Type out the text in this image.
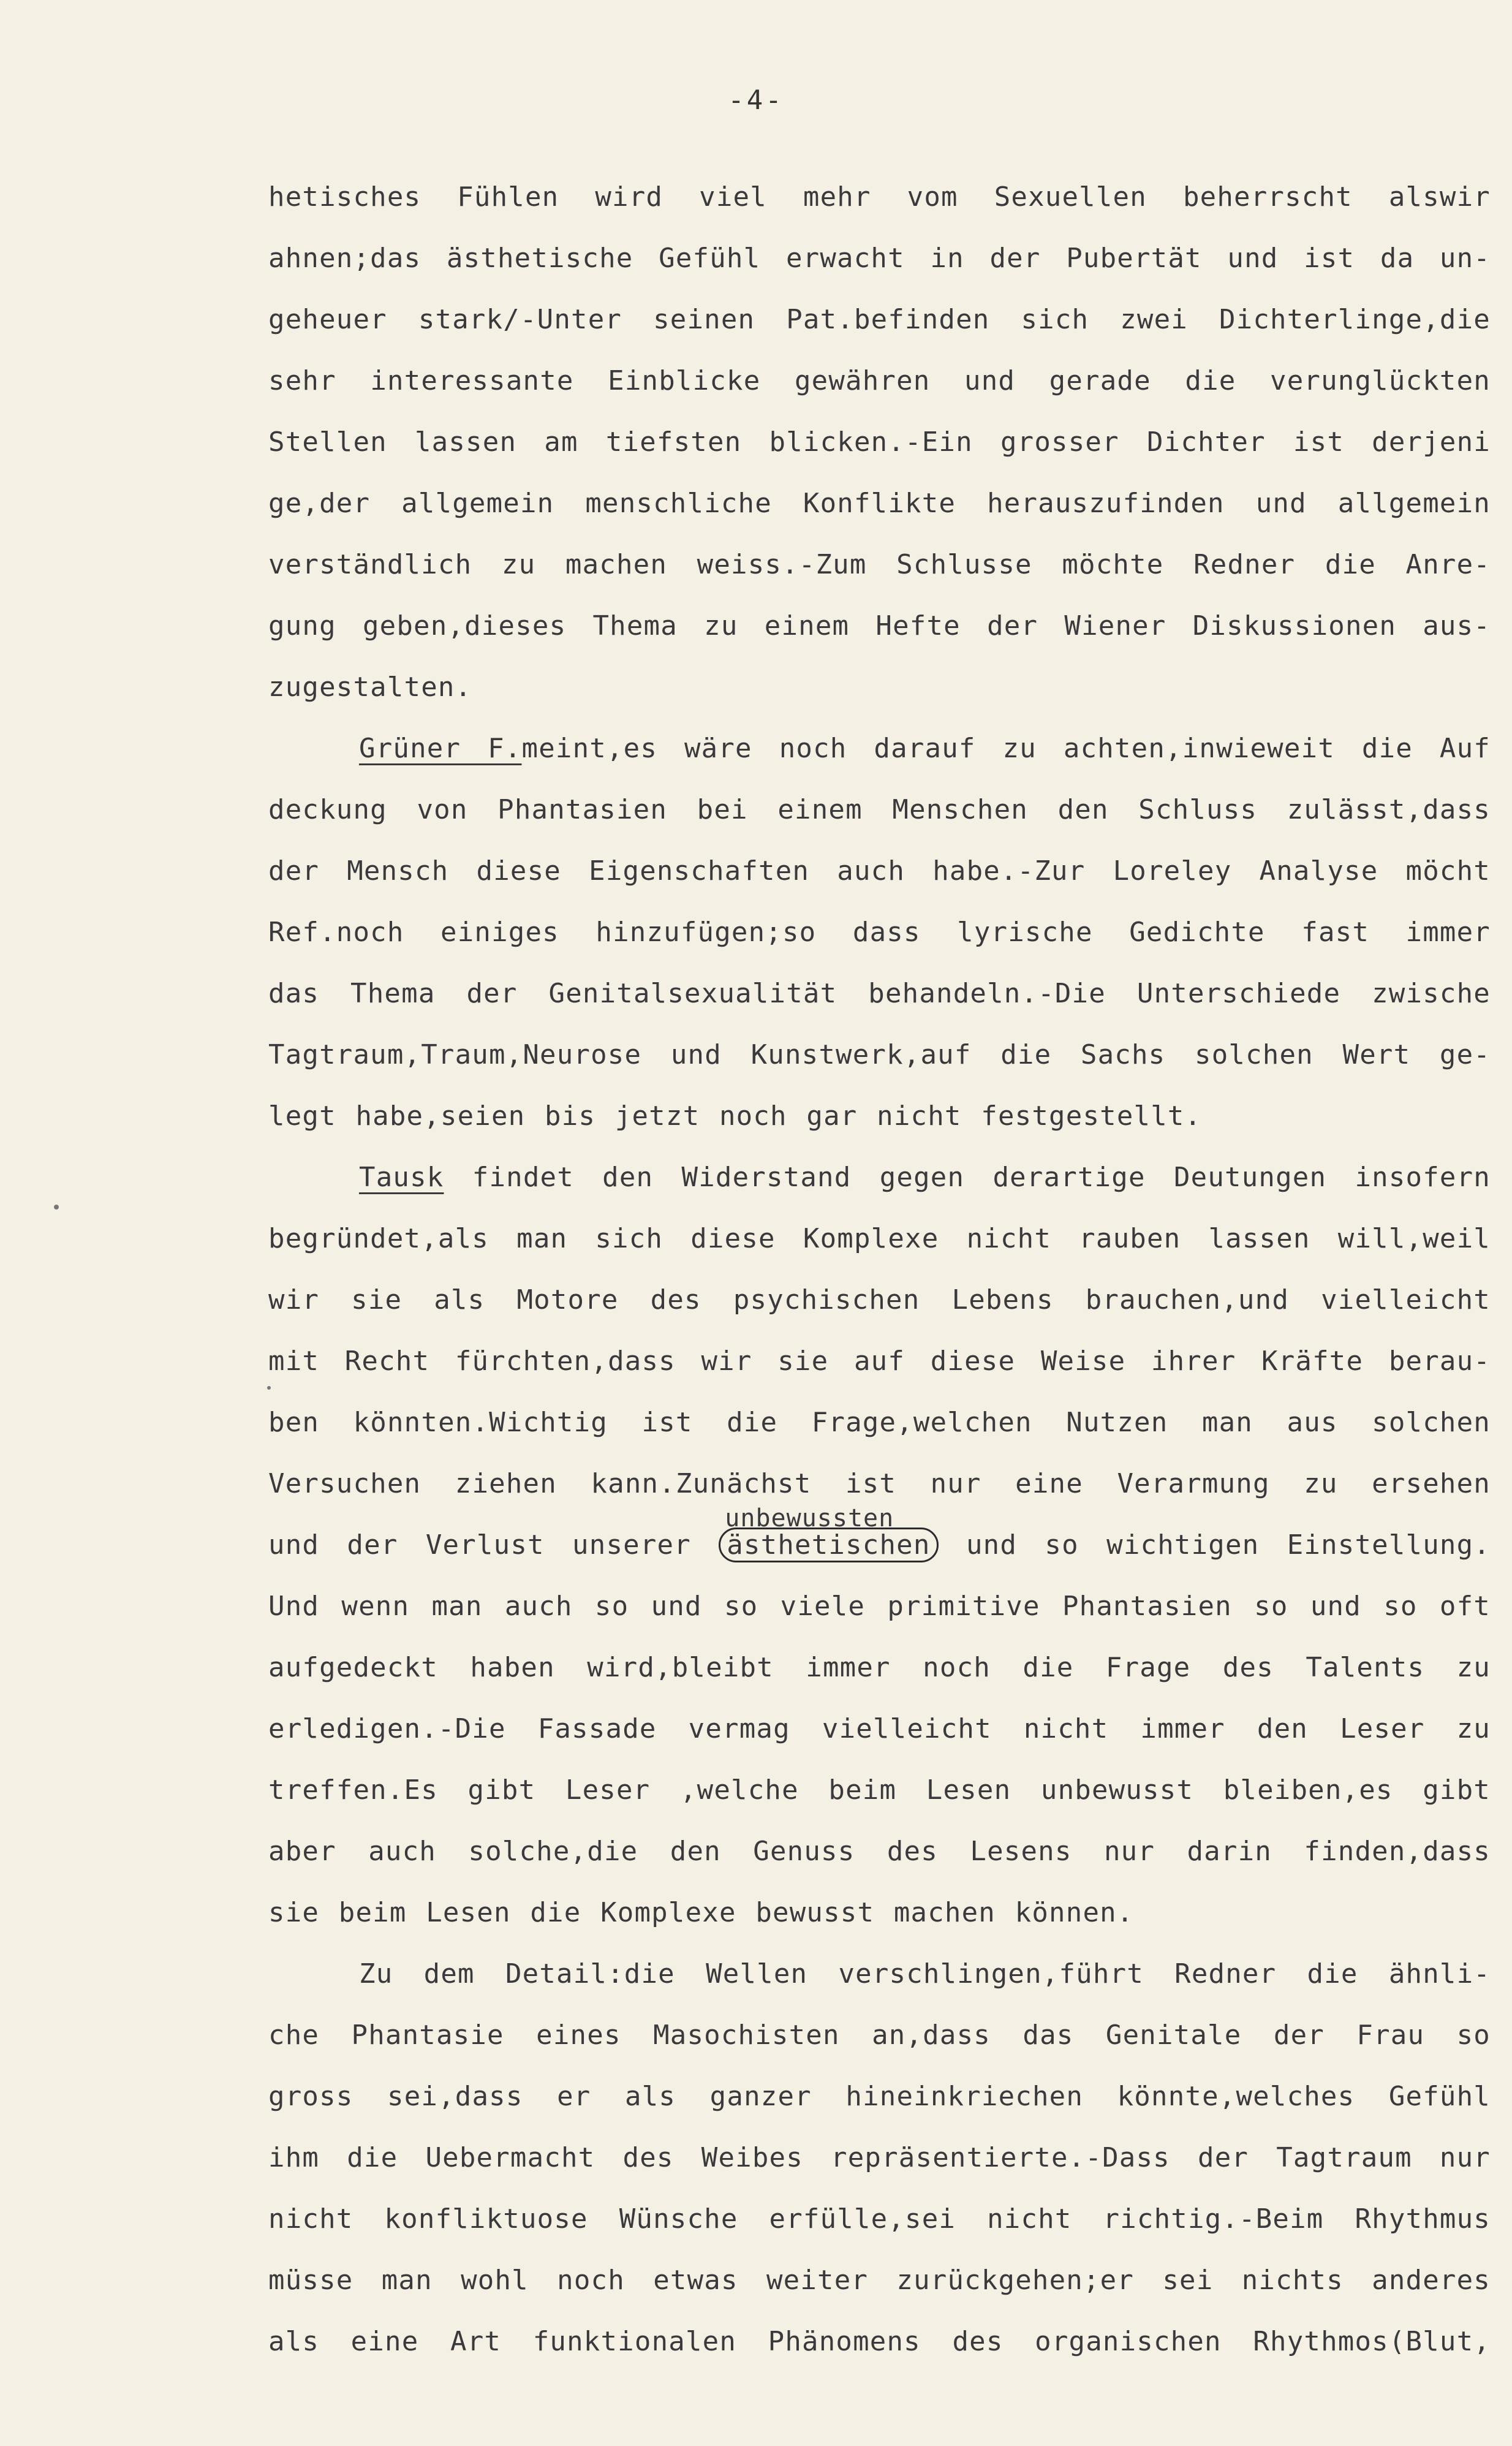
-4-
hetisches Fühlen wird viel mehr vom Sexuellen beherrscht alswir
ahnen;das ästhetische Gefühl erwacht in der Pubertät und ist da un-
geheuer stark/-Unter seinen Pat.befinden sich zwei Dichterlinge,die
sehr interessante Einblicke gewähren und gerade die verunglückten
Stellen lassen am tiefsten blicken.-Ein grosser Dichter ist derjeni
ge,der allgemein menschliche Konflikte herauszufinden und allgemein
verständlich zu machen weiss.-Zum Schlusse möchte Redner die Anre-
gung geben,dieses Thema zu einem Hefte der Wiener Diskussionen aus-
zugestalten.
Grüner F.meint,es wäre noch darauf zu achten,inwieweit die Auf
deckung von Phantasien bei einem Menschen den Schluss zulässt,dass
der Mensch diese Eigenschaften auch habe.-Zur Loreley Analyse möcht
Ref.noch einiges hinzufügen;so dass lyrische Gedichte fast immer
das Thema der Genitalsexualität behandeln.-Die Unterschiede zwische
Tagtraum,Traum,Neurose und Kunstwerk,auf die Sachs solchen Wert ge-
legt habe,seien bis jetzt noch gar nicht festgestellt.
Tausk findet den Widerstand gegen derartige Deutungen insofern
begründet,als man sich diese Komplexe nicht rauben lassen will,weil
wir sie als Motore des psychischen Lebens brauchen,und vielleicht
mit Recht fürchten,dass wir sie auf diese Weise ihrer Kräfte berau-
ben könnten.Wichtig ist die Frage,welchen Nutzen man aus solchen
Versuchen ziehen kann.Zunächst ist nur eine Verarmung zu ersehen
und der Verlust unserer
unbewussten
ästhetischen und so wichtigen Einstellung.
Und wenn man auch so und so viele primitive Phantasien so und so oft
aufgedeckt haben wird,bleibt immer noch die Frage des Talents zu
erledigen.-Die Fassade vermag vielleicht nicht immer den Leser zu
treffen.Es gibt Leser ,welche beim Lesen unbewusst bleiben,es gibt
aber auch solche,die den Genuss des Lesens nur darin finden,dass
sie beim Lesen die Komplexe bewusst machen können.
Zu dem Detail:die Wellen verschlingen,führt Redner die ähnli-
che Phantasie eines Masochisten an,dass das Genitale der Frau so
gross sei,dass er als ganzer hineinkriechen könnte,welches Gefühl
ihm die Uebermacht des Weibes repräsentierte.-Dass der Tagtraum nur
nicht konfliktuose Wünsche erfülle,sei nicht richtig.-Beim Rhythmus
müsse man wohl noch etwas weiter zurückgehen;er sei nichts anderes
als eine Art funktionalen Phänomens des organischen Rhythmos(Blut,
